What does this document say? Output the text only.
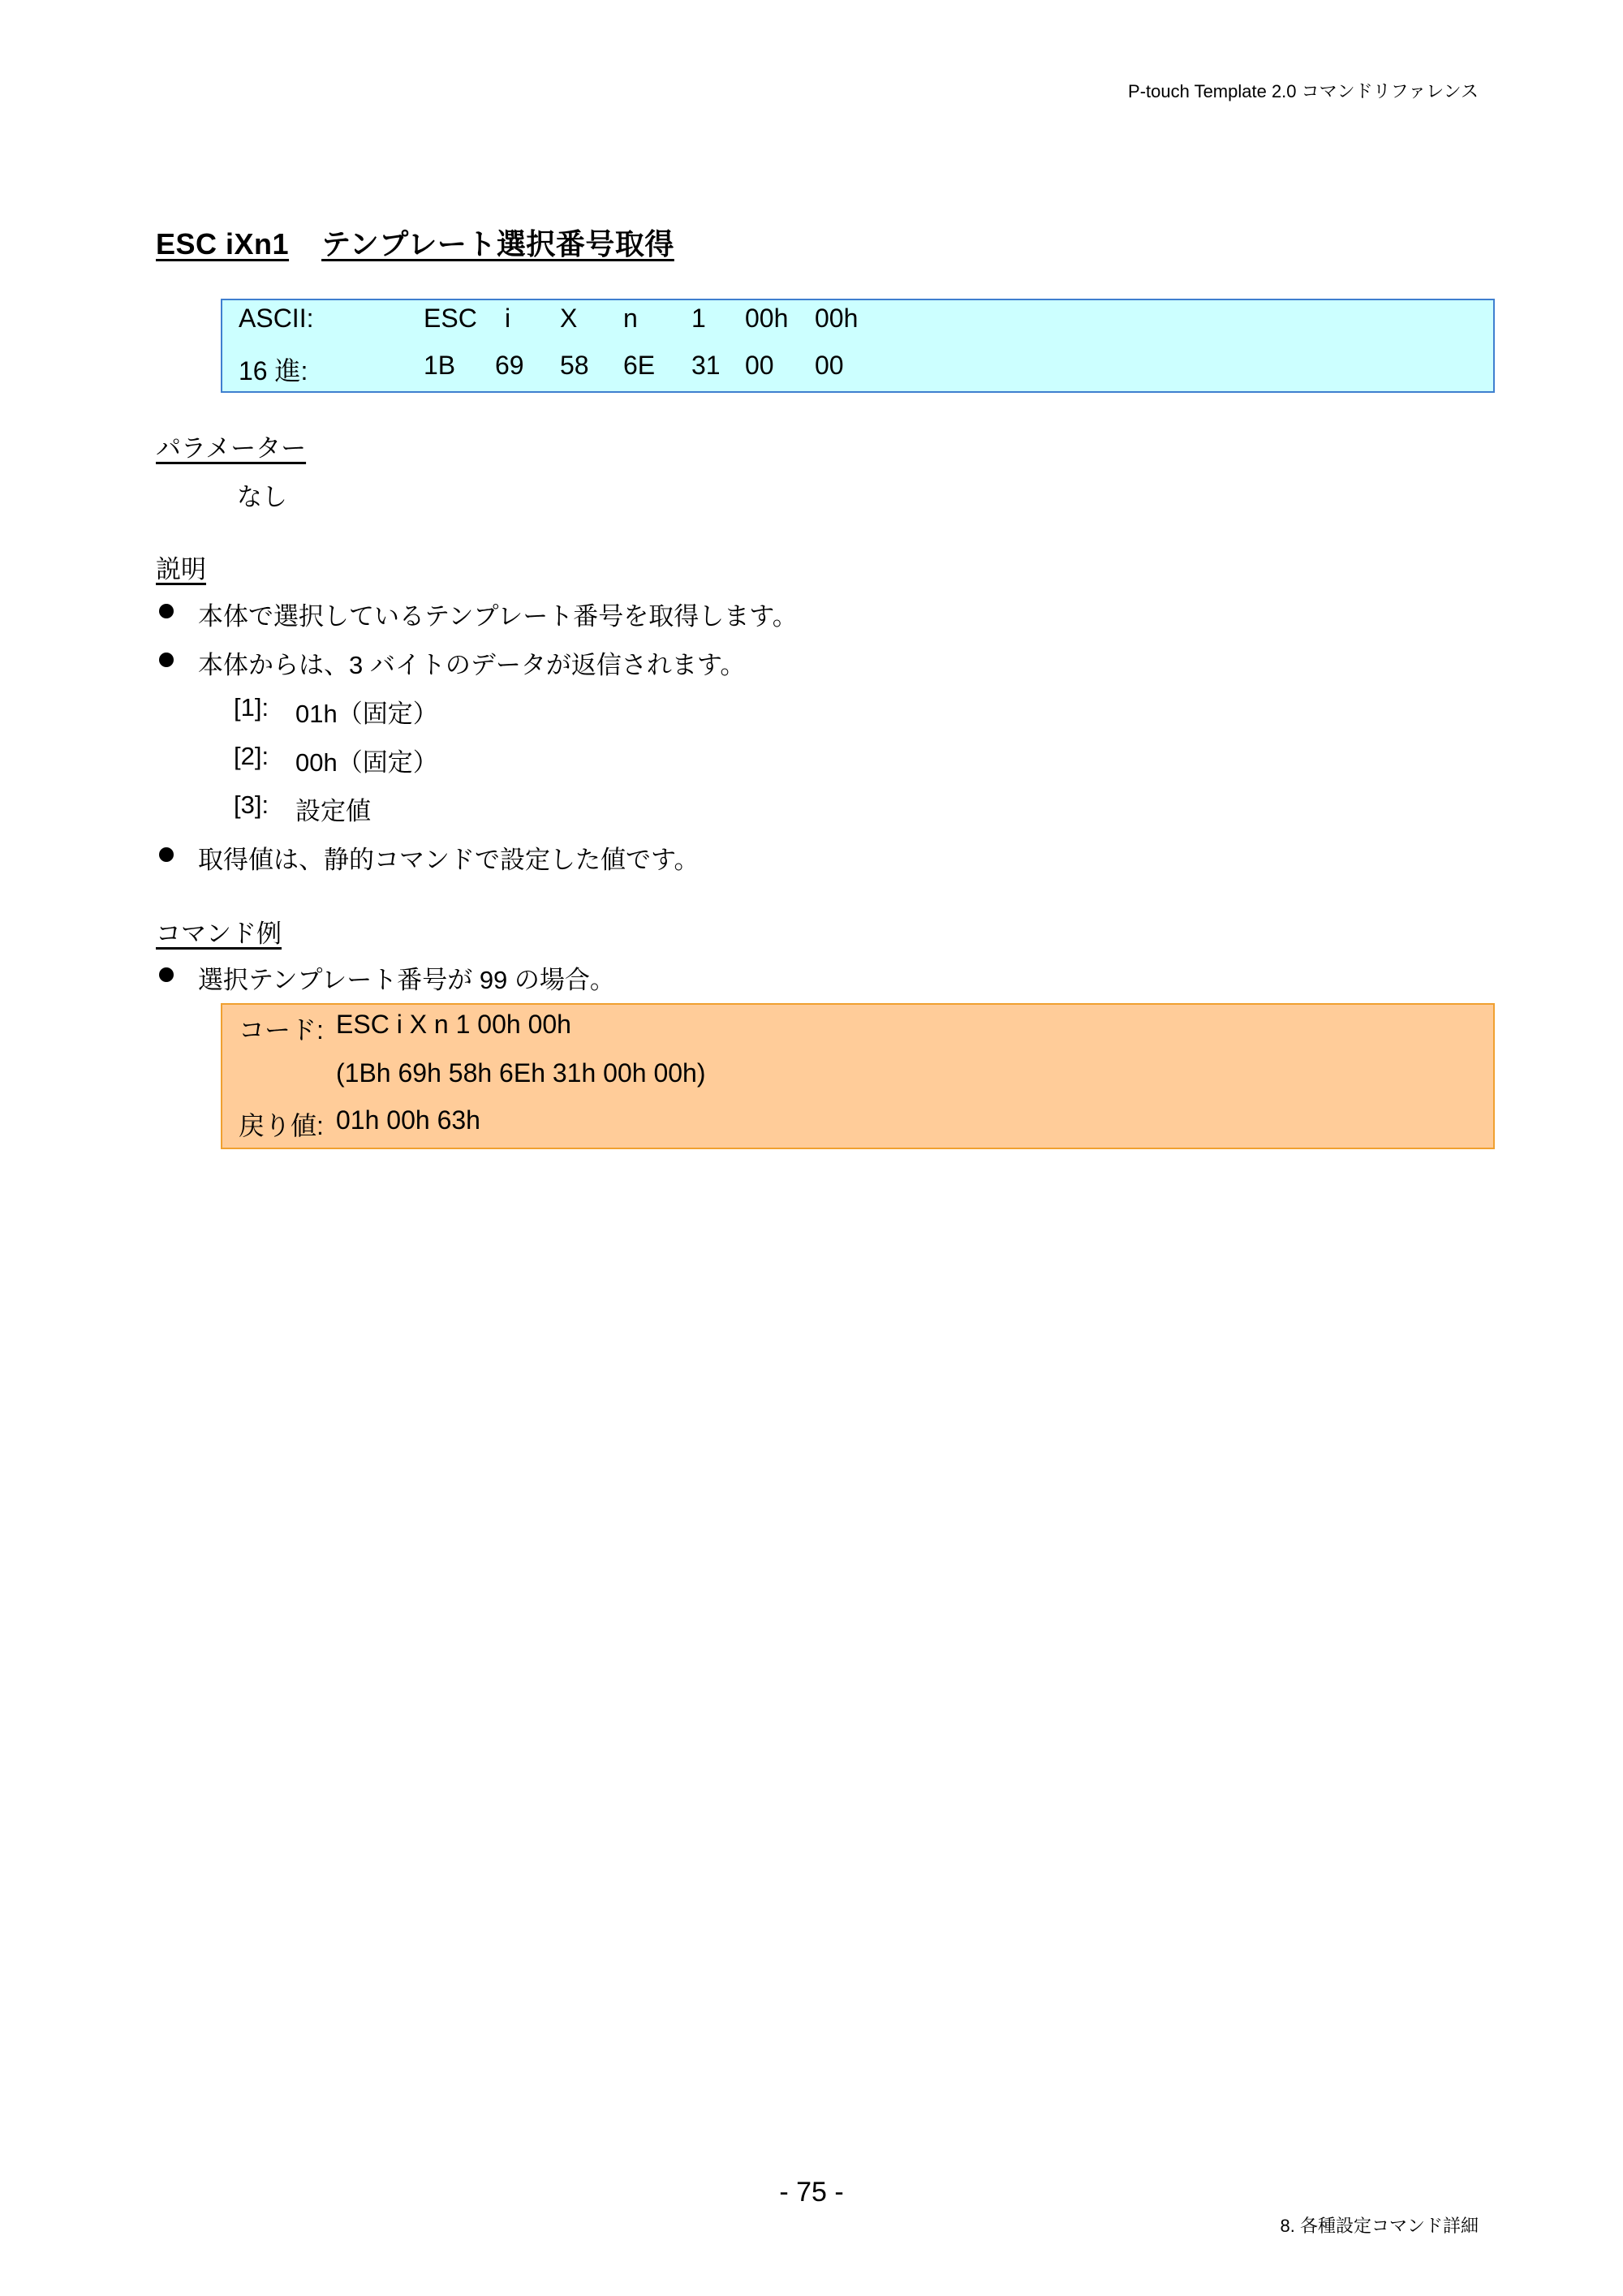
P-touch Template 2.0 コマンドリファレンス
ESC iXn1 テンプレート選択番号取得
ASCII:	ESC i X n 1 00h 00h
16 進:	1B 69 58 6E 31 00 00
パラメーター
なし
説明
本体で選択しているテンプレート番号を取得します。
本体からは、3 バイトのデータが返信されます。
[1]: 01h（固定）
[2]: 00h（固定）
[3]: 設定値
取得値は、静的コマンドで設定した値です。
コマンド例
選択テンプレート番号が 99 の場合。
コード: ESC i X n 1 00h 00h
(1Bh 69h 58h 6Eh 31h 00h 00h)
戻り値: 01h 00h 63h
- 75 -
8. 各種設定コマンド詳細
